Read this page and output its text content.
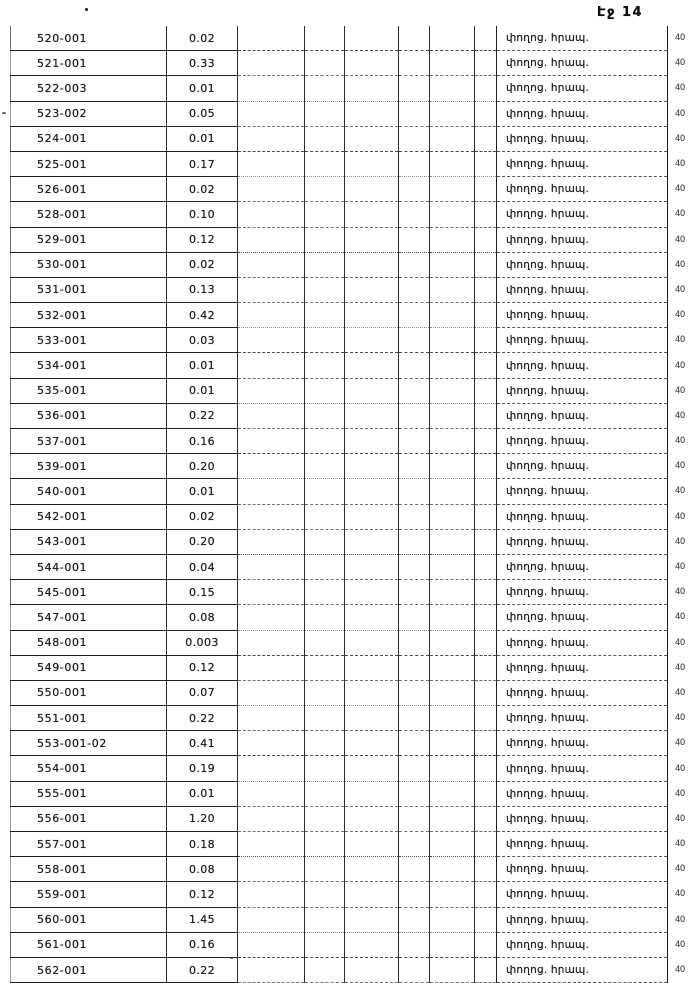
Էջ 14
520-001	0.02							փողոց. հրապ.	40
521-001	0.33							փողոց. հրապ.	40
522-003	0.01							փողոց. հրապ.	40
523-002	0.05							փողոց. հրապ.	40
524-001	0.01							փողոց. հրապ.	40
525-001	0.17							փողոց. հրապ.	40
526-001	0.02							փողոց. հրապ.	40
528-001	0.10							փողոց. հրապ.	40
529-001	0.12							փողոց. հրապ.	40
530-001	0.02							փողոց. հրապ.	40
531-001	0.13							փողոց. հրապ.	40
532-001	0.42							փողոց. հրապ.	40
533-001	0.03							փողոց. հրապ.	40
534-001	0.01							փողոց. հրապ.	40
535-001	0.01							փողոց. հրապ.	40
536-001	0.22							փողոց. հրապ.	40
537-001	0.16							փողոց. հրապ.	40
539-001	0.20							փողոց. հրապ.	40
540-001	0.01							փողոց. հրապ.	40
542-001	0.02							փողոց. հրապ.	40
543-001	0.20							փողոց. հրապ.	40
544-001	0.04							փողոց. հրապ.	40
545-001	0.15							փողոց. հրապ.	40
547-001	0.08							փողոց. հրապ.	40
548-001	0.003							փողոց. հրապ.	40
549-001	0.12							փողոց. հրապ.	40
550-001	0.07							փողոց. հրապ.	40
551-001	0.22							փողոց. հրապ.	40
553-001-02	0.41							փողոց. հրապ.	40
554-001	0.19							փողոց. հրապ.	40
555-001	0.01							փողոց. հրապ.	40
556-001	1.20							փողոց. հրապ.	40
557-001	0.18							փողոց. հրապ.	40
558-001	0.08							փողոց. հրապ.	40
559-001	0.12							փողոց. հրապ.	40
560-001	1.45							փողոց. հրապ.	40
561-001	0.16							փողոց. հրապ.	40
562-001	0.22							փողոց. հրապ.	40
